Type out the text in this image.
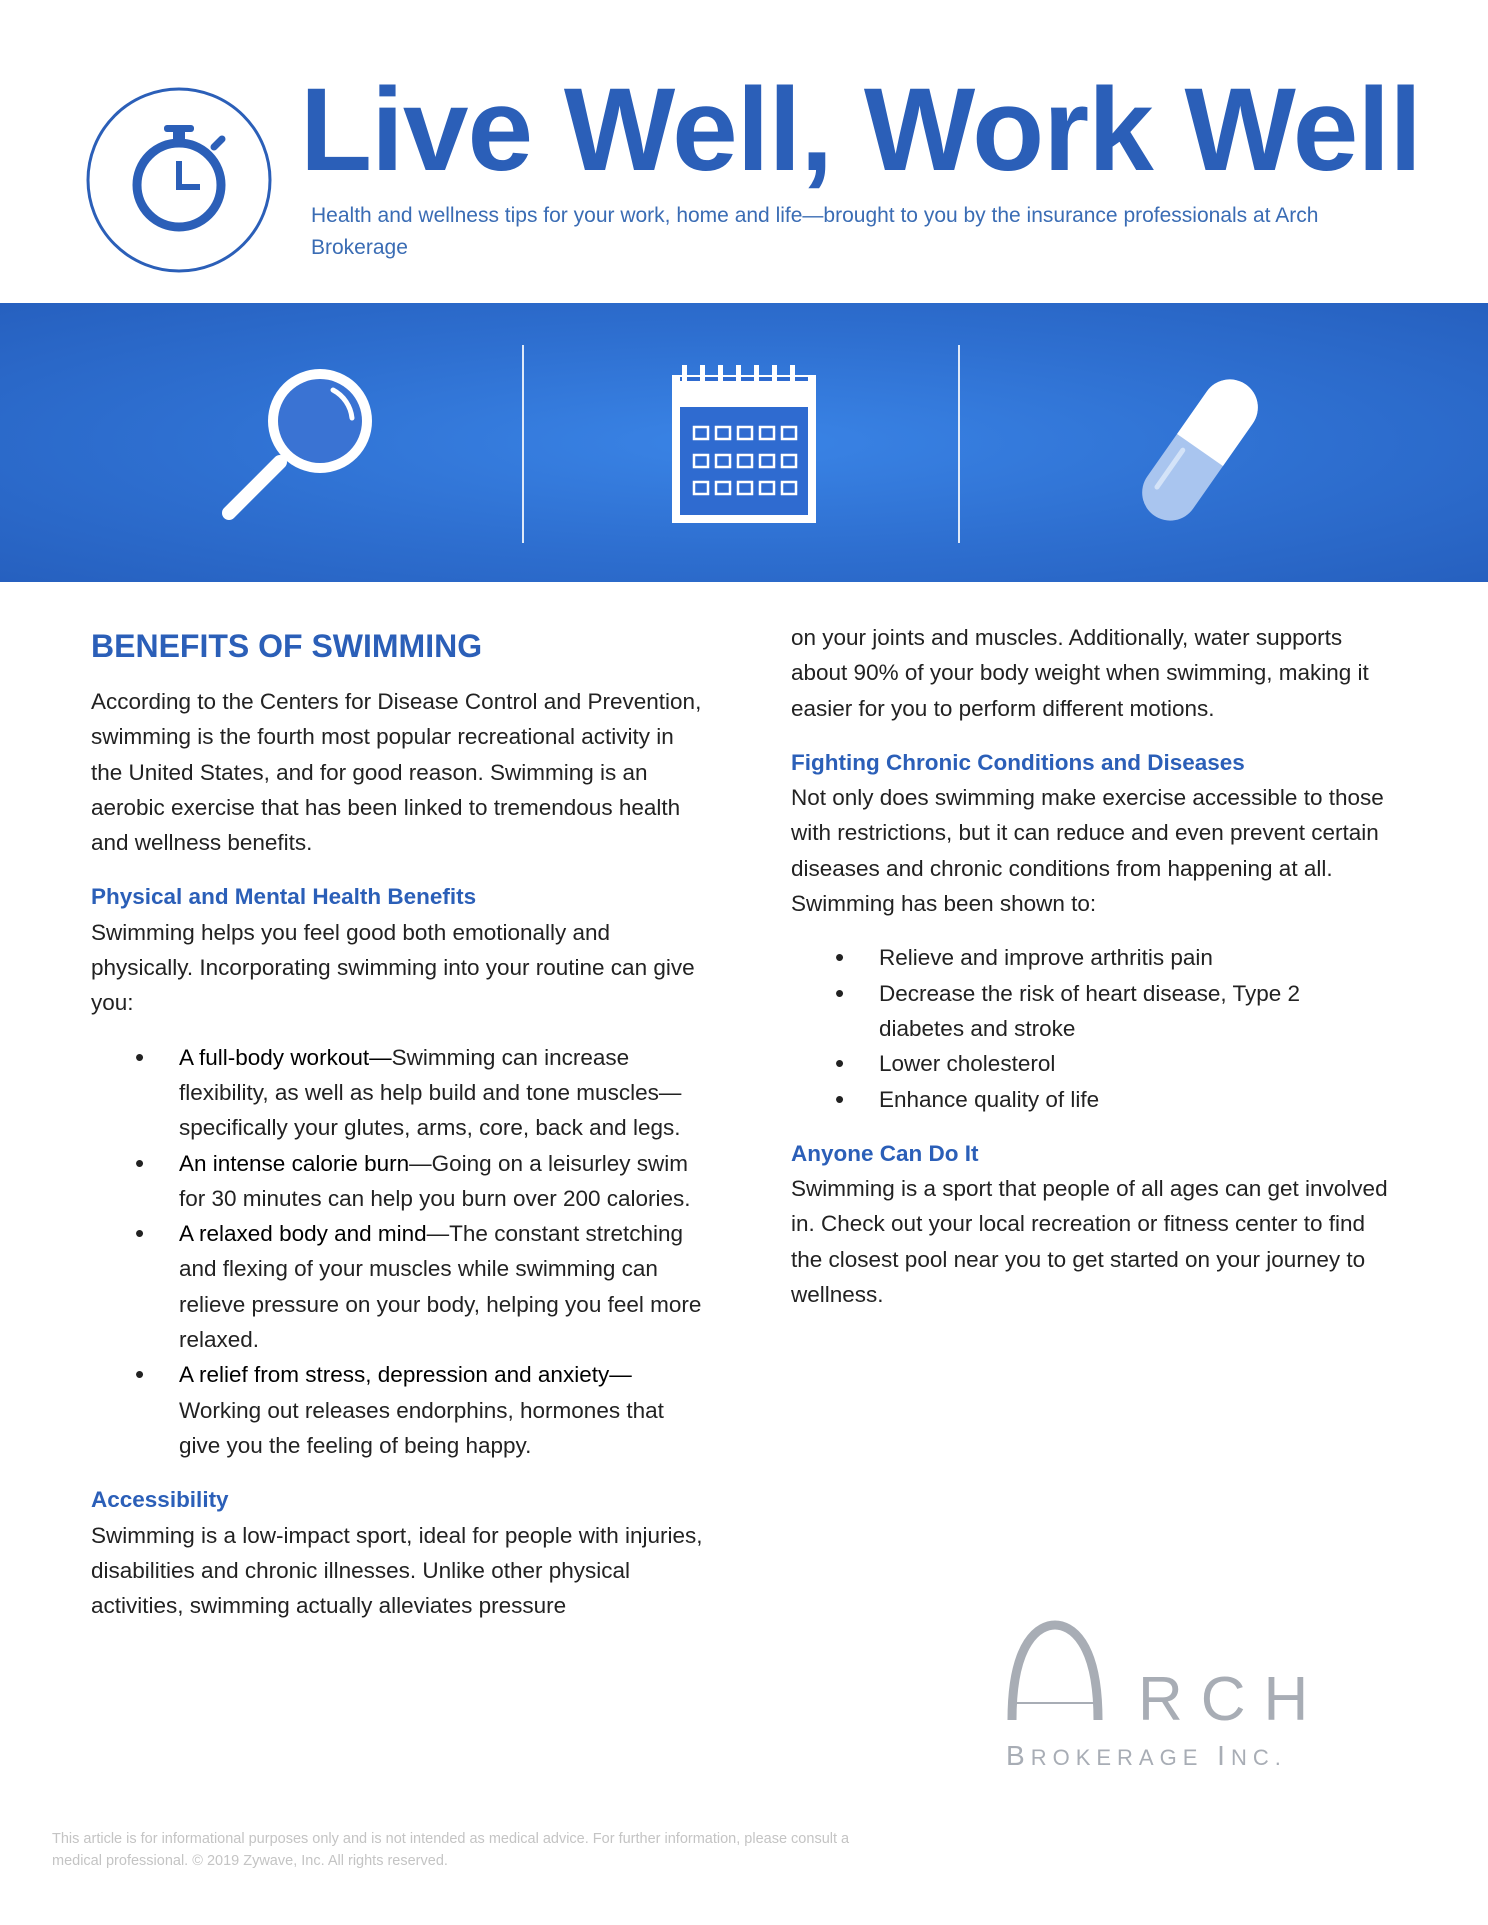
Live Well, Work Well
Health and wellness tips for your work, home and life—brought to you by the insurance professionals at Arch Brokerage
BENEFITS OF SWIMMING

According to the Centers for Disease Control and Prevention, swimming is the fourth most popular recreational activity in the United States, and for good reason. Swimming is an aerobic exercise that has been linked to tremendous health and wellness benefits.

Physical and Mental Health Benefits

Swimming helps you feel good both emotionally and physically. Incorporating swimming into your routine can give you:

• A full-body workout—Swimming can increase flexibility, as well as help build and tone muscles—specifically your glutes, arms, core, back and legs.
• An intense calorie burn—Going on a leisurley swim for 30 minutes can help you burn over 200 calories.
• A relaxed body and mind—The constant stretching and flexing of your muscles while swimming can relieve pressure on your body, helping you feel more relaxed.
• A relief from stress, depression and anxiety—Working out releases endorphins, hormones that give you the feeling of being happy.
Accessibility

Swimming is a low-impact sport, ideal for people with injuries, disabilities and chronic illnesses. Unlike other physical activities, swimming actually alleviates pressure

on your joints and muscles. Additionally, water supports about 90% of your body weight when swimming, making it easier for you to perform different motions.

Fighting Chronic Conditions and Diseases

Not only does swimming make exercise accessible to those with restrictions, but it can reduce and even prevent certain diseases and chronic conditions from happening at all. Swimming has been shown to:

• Relieve and improve arthritis pain
• Decrease the risk of heart disease, Type 2 diabetes and stroke
• Lower cholesterol
• Enhance quality of life
Anyone Can Do It

Swimming is a sport that people of all ages can get involved in. Check out your local recreation or fitness center to find the closest pool near you to get started on your journey to wellness.

RCH
BROKERAGE INC.
This article is for informational purposes only and is not intended as medical advice. For further information, please consult a medical professional. © 2019 Zywave, Inc. All rights reserved.
